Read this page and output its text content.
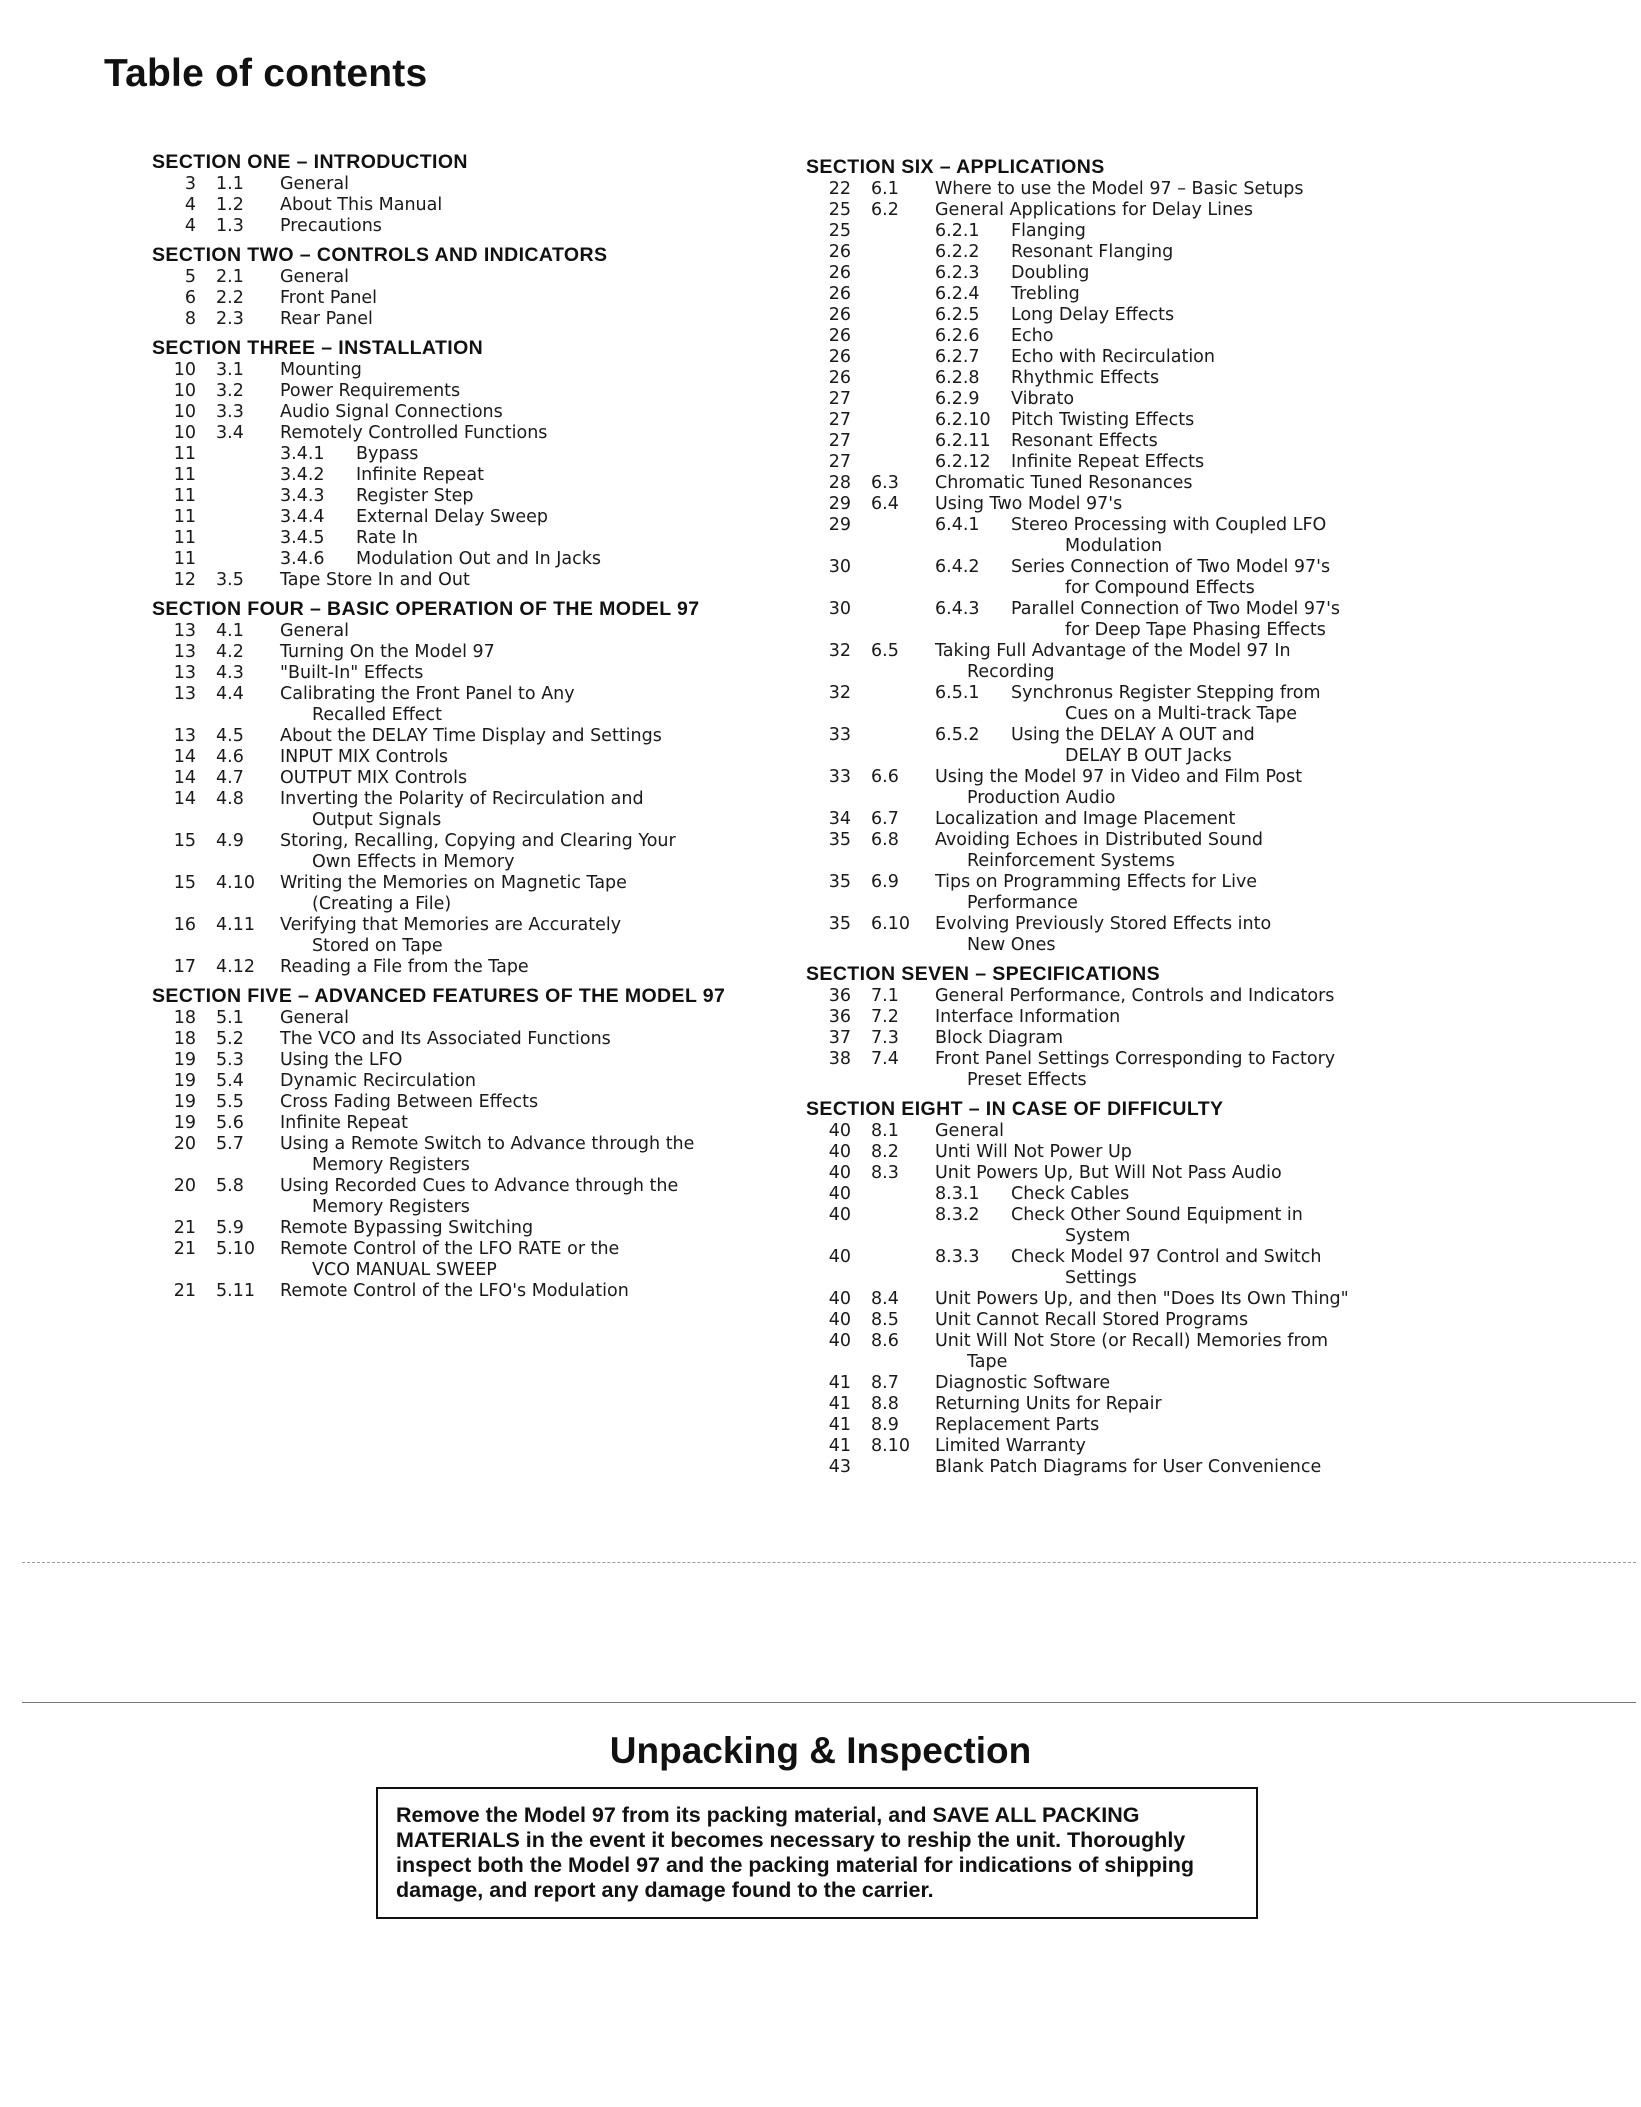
Table of contents
SECTION ONE – INTRODUCTION
3	1.1	General
4	1.2	About This Manual
4	1.3	Precautions
SECTION TWO – CONTROLS AND INDICATORS
5	2.1	General
6	2.2	Front Panel
8	2.3	Rear Panel
SECTION THREE – INSTALLATION
10	3.1	Mounting
10	3.2	Power Requirements
10	3.3	Audio Signal Connections
10	3.4	Remotely Controlled Functions
11	3.4.1	Bypass
11	3.4.2	Infinite Repeat
11	3.4.3	Register Step
11	3.4.4	External Delay Sweep
11	3.4.5	Rate In
11	3.4.6	Modulation Out and In Jacks
12	3.5	Tape Store In and Out
SECTION FOUR – BASIC OPERATION OF THE MODEL 97
13	4.1	General
13	4.2	Turning On the Model 97
13	4.3	"Built-In" Effects
13	4.4	Calibrating the Front Panel to Any
Recalled Effect
13	4.5	About the DELAY Time Display and Settings
14	4.6	INPUT MIX Controls
14	4.7	OUTPUT MIX Controls
14	4.8	Inverting the Polarity of Recirculation and
Output Signals
15	4.9	Storing, Recalling, Copying and Clearing Your
Own Effects in Memory
15	4.10	Writing the Memories on Magnetic Tape
(Creating a File)
16	4.11	Verifying that Memories are Accurately
Stored on Tape
17	4.12	Reading a File from the Tape
SECTION FIVE – ADVANCED FEATURES OF THE MODEL 97
18	5.1	General
18	5.2	The VCO and Its Associated Functions
19	5.3	Using the LFO
19	5.4	Dynamic Recirculation
19	5.5	Cross Fading Between Effects
19	5.6	Infinite Repeat
20	5.7	Using a Remote Switch to Advance through the
Memory Registers
20	5.8	Using Recorded Cues to Advance through the
Memory Registers
21	5.9	Remote Bypassing Switching
21	5.10	Remote Control of the LFO RATE or the
VCO MANUAL SWEEP
21	5.11	Remote Control of the LFO's Modulation
SECTION SIX – APPLICATIONS
22	6.1	Where to use the Model 97 – Basic Setups
25	6.2	General Applications for Delay Lines
25	6.2.1	Flanging
26	6.2.2	Resonant Flanging
26	6.2.3	Doubling
26	6.2.4	Trebling
26	6.2.5	Long Delay Effects
26	6.2.6	Echo
26	6.2.7	Echo with Recirculation
26	6.2.8	Rhythmic Effects
27	6.2.9	Vibrato
27	6.2.10	Pitch Twisting Effects
27	6.2.11	Resonant Effects
27	6.2.12	Infinite Repeat Effects
28	6.3	Chromatic Tuned Resonances
29	6.4	Using Two Model 97's
29	6.4.1	Stereo Processing with Coupled LFO
Modulation
30	6.4.2	Series Connection of Two Model 97's
for Compound Effects
30	6.4.3	Parallel Connection of Two Model 97's
for Deep Tape Phasing Effects
32	6.5	Taking Full Advantage of the Model 97 In
Recording
32	6.5.1	Synchronus Register Stepping from
Cues on a Multi-track Tape
33	6.5.2	Using the DELAY A OUT and
DELAY B OUT Jacks
33	6.6	Using the Model 97 in Video and Film Post
Production Audio
34	6.7	Localization and Image Placement
35	6.8	Avoiding Echoes in Distributed Sound
Reinforcement Systems
35	6.9	Tips on Programming Effects for Live
Performance
35	6.10	Evolving Previously Stored Effects into
New Ones
SECTION SEVEN – SPECIFICATIONS
36	7.1	General Performance, Controls and Indicators
36	7.2	Interface Information
37	7.3	Block Diagram
38	7.4	Front Panel Settings Corresponding to Factory
Preset Effects
SECTION EIGHT – IN CASE OF DIFFICULTY
40	8.1	General
40	8.2	Unti Will Not Power Up
40	8.3	Unit Powers Up, But Will Not Pass Audio
40	8.3.1	Check Cables
40	8.3.2	Check Other Sound Equipment in
System
40	8.3.3	Check Model 97 Control and Switch
Settings
40	8.4	Unit Powers Up, and then "Does Its Own Thing"
40	8.5	Unit Cannot Recall Stored Programs
40	8.6	Unit Will Not Store (or Recall) Memories from
Tape
41	8.7	Diagnostic Software
41	8.8	Returning Units for Repair
41	8.9	Replacement Parts
41	8.10	Limited Warranty
43	Blank Patch Diagrams for User Convenience
Unpacking & Inspection

Remove the Model 97 from its packing material, and SAVE ALL PACKING MATERIALS in the event it becomes necessary to reship the unit. Thoroughly inspect both the Model 97 and the packing material for indications of shipping damage, and report any damage found to the carrier.
